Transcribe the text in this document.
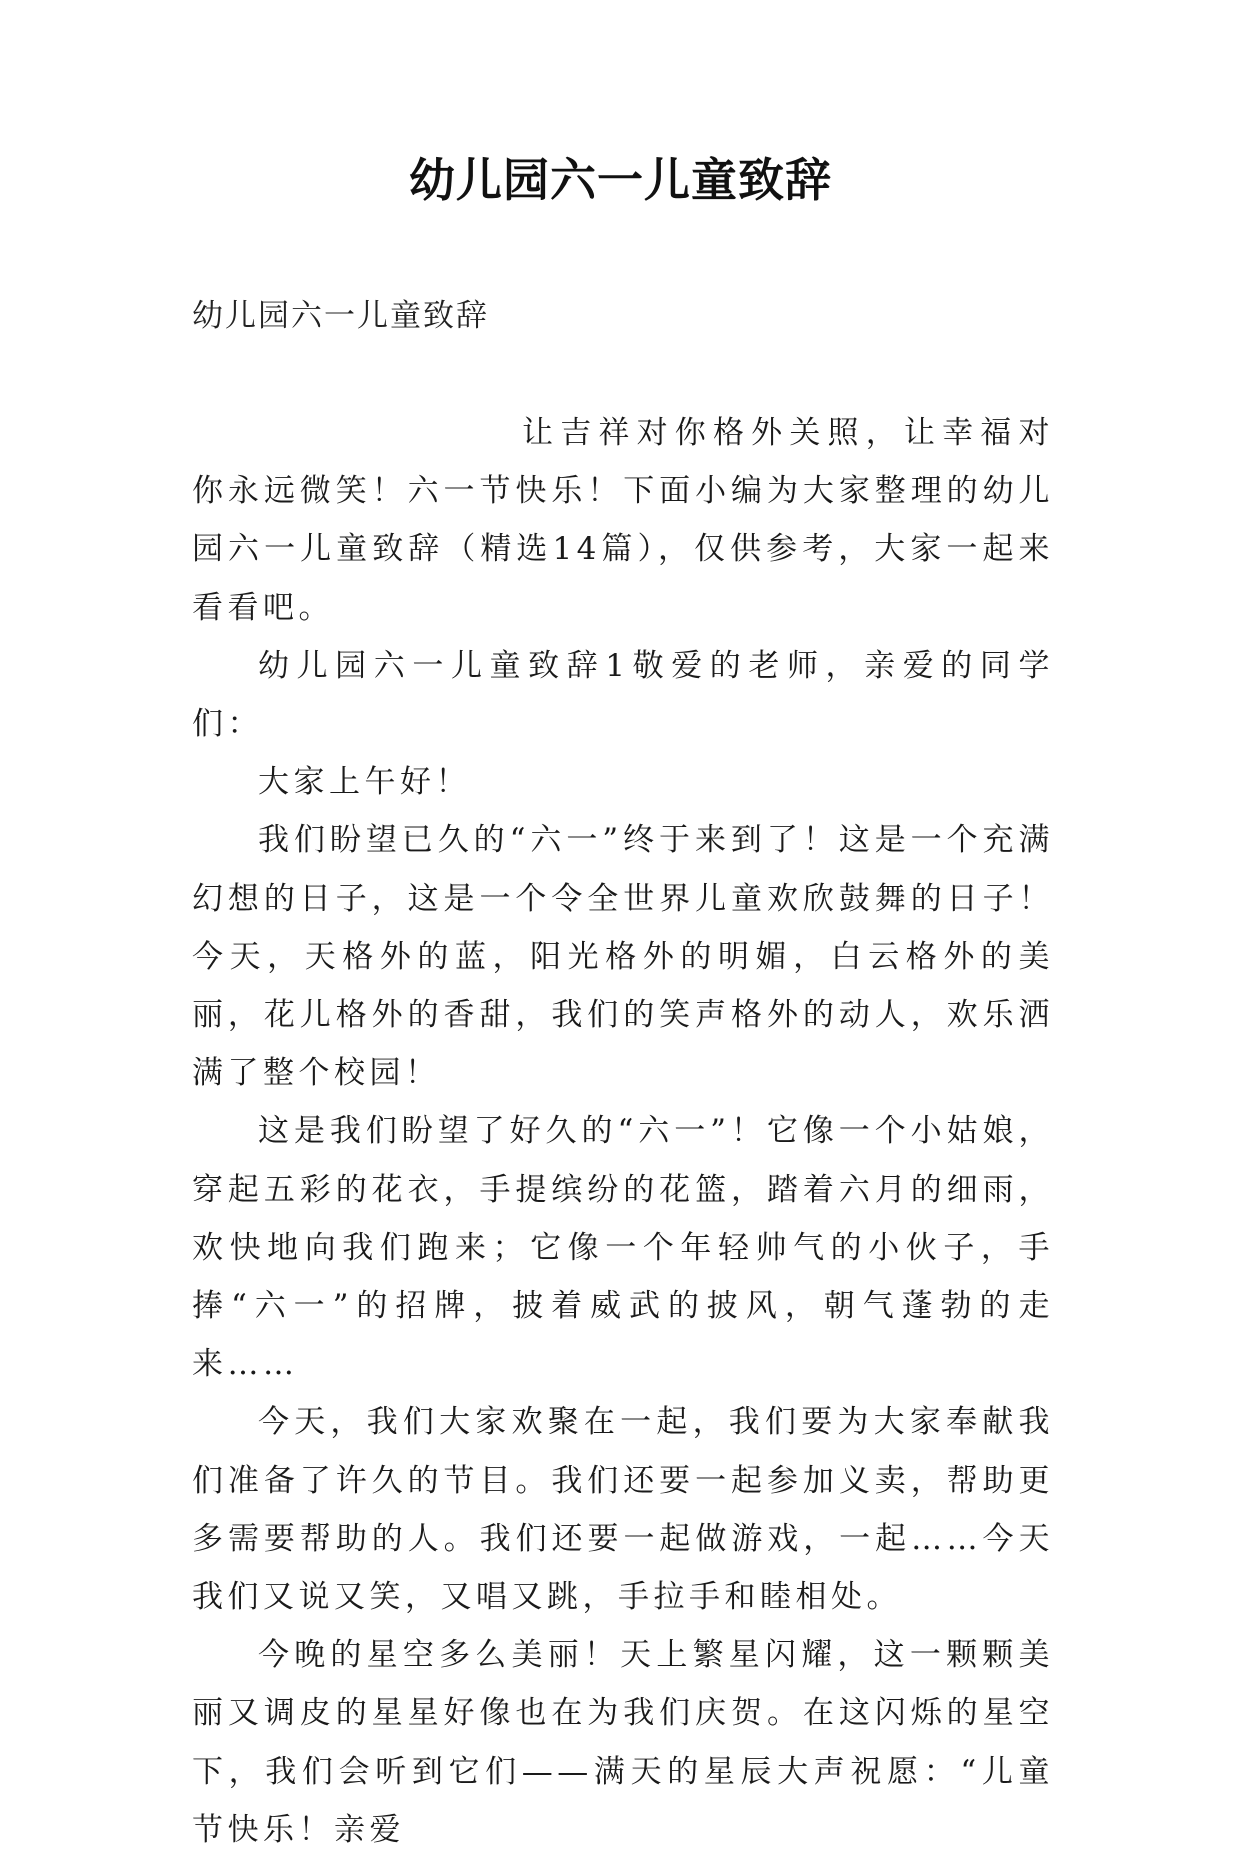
幼儿园六一儿童致辞
幼儿园六一儿童致辞

让吉祥对你格外关照，让幸福对你永远微笑！六一节快乐！下面小编为大家整理的幼儿园六一儿童致辞（精选14篇），仅供参考，大家一起来看看吧。

幼儿园六一儿童致辞1敬爱的老师，亲爱的同学们：

大家上午好！

我们盼望已久的“六一”终于来到了！这是一个充满幻想的日子，这是一个令全世界儿童欢欣鼓舞的日子！今天，天格外的蓝，阳光格外的明媚，白云格外的美丽，花儿格外的香甜，我们的笑声格外的动人，欢乐洒满了整个校园！

这是我们盼望了好久的“六一”！它像一个小姑娘，穿起五彩的花衣，手提缤纷的花篮，踏着六月的细雨，欢快地向我们跑来；它像一个年轻帅气的小伙子，手捧“六一”的招牌，披着威武的披风，朝气蓬勃的走来……

今天，我们大家欢聚在一起，我们要为大家奉献我们准备了许久的节目。我们还要一起参加义卖，帮助更多需要帮助的人。我们还要一起做游戏，一起……今天我们又说又笑，又唱又跳，手拉手和睦相处。

今晚的星空多么美丽！天上繁星闪耀，这一颗颗美丽又调皮的星星好像也在为我们庆贺。在这闪烁的星空下，我们会听到它们——满天的星辰大声祝愿：“儿童节快乐！亲爱
